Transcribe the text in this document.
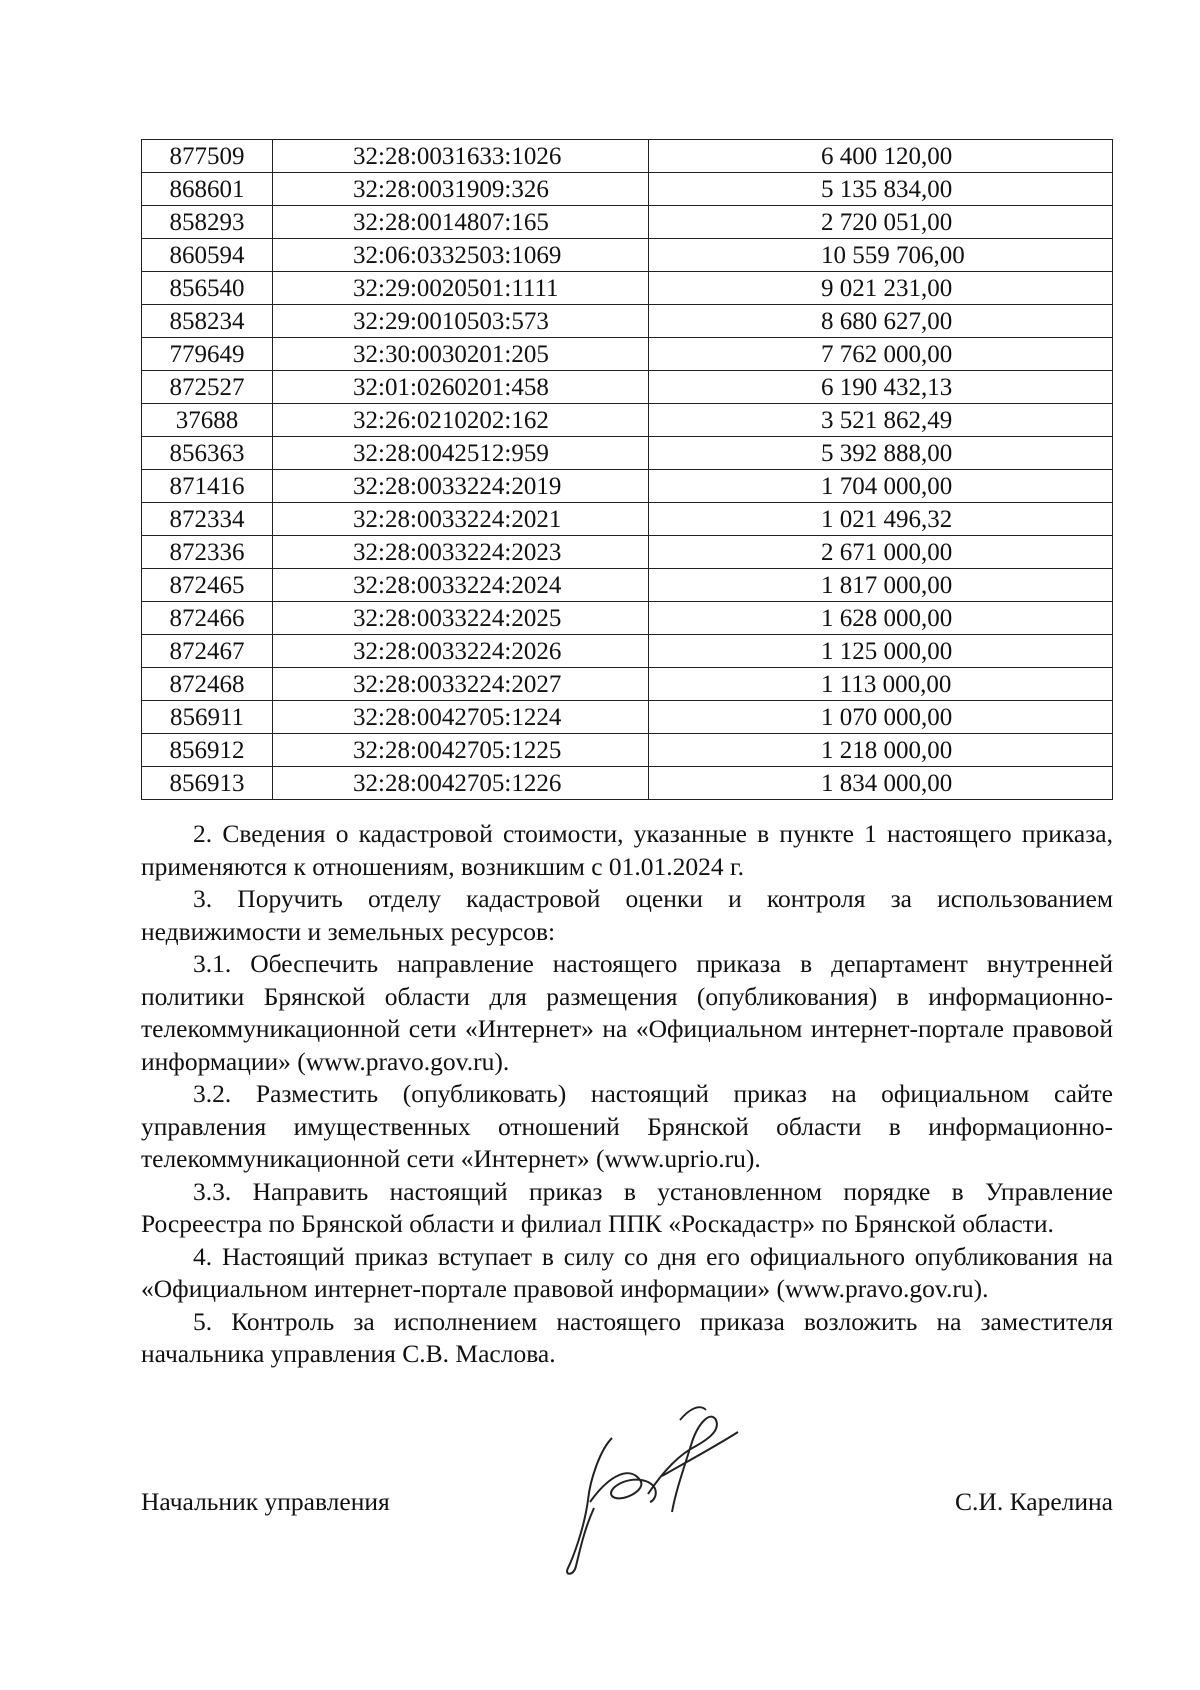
877509	32:28:0031633:1026	6 400 120,00
868601	32:28:0031909:326	5 135 834,00
858293	32:28:0014807:165	2 720 051,00
860594	32:06:0332503:1069	10 559 706,00
856540	32:29:0020501:1111	9 021 231,00
858234	32:29:0010503:573	8 680 627,00
779649	32:30:0030201:205	7 762 000,00
872527	32:01:0260201:458	6 190 432,13
37688	32:26:0210202:162	3 521 862,49
856363	32:28:0042512:959	5 392 888,00
871416	32:28:0033224:2019	1 704 000,00
872334	32:28:0033224:2021	1 021 496,32
872336	32:28:0033224:2023	2 671 000,00
872465	32:28:0033224:2024	1 817 000,00
872466	32:28:0033224:2025	1 628 000,00
872467	32:28:0033224:2026	1 125 000,00
872468	32:28:0033224:2027	1 113 000,00
856911	32:28:0042705:1224	1 070 000,00
856912	32:28:0042705:1225	1 218 000,00
856913	32:28:0042705:1226	1 834 000,00

2. Сведения о кадастровой стоимости, указанные в пункте 1 настоящего приказа, применяются к отношениям, возникшим с 01.01.2024 г.

3. Поручить отделу кадастровой оценки и контроля за использованием недвижимости и земельных ресурсов:

3.1. Обеспечить направление настоящего приказа в департамент внутренней политики Брянской области для размещения (опубликования) в информационно-телекоммуникационной сети «Интернет» на «Официальном интернет-портале правовой информации» (www.pravo.gov.ru).

3.2. Разместить (опубликовать) настоящий приказ на официальном сайте управления имущественных отношений Брянской области в информационно-телекоммуникационной сети «Интернет» (www.uprio.ru).

3.3. Направить настоящий приказ в установленном порядке в Управление Росреестра по Брянской области и филиал ППК «Роскадастр» по Брянской области.

4. Настоящий приказ вступает в силу со дня его официального опубликования на «Официальном интернет-портале правовой информации» (www.pravo.gov.ru).

5. Контроль за исполнением настоящего приказа возложить на заместителя начальника управления С.В. Маслова.

Начальник управления	С.И. Карелина
